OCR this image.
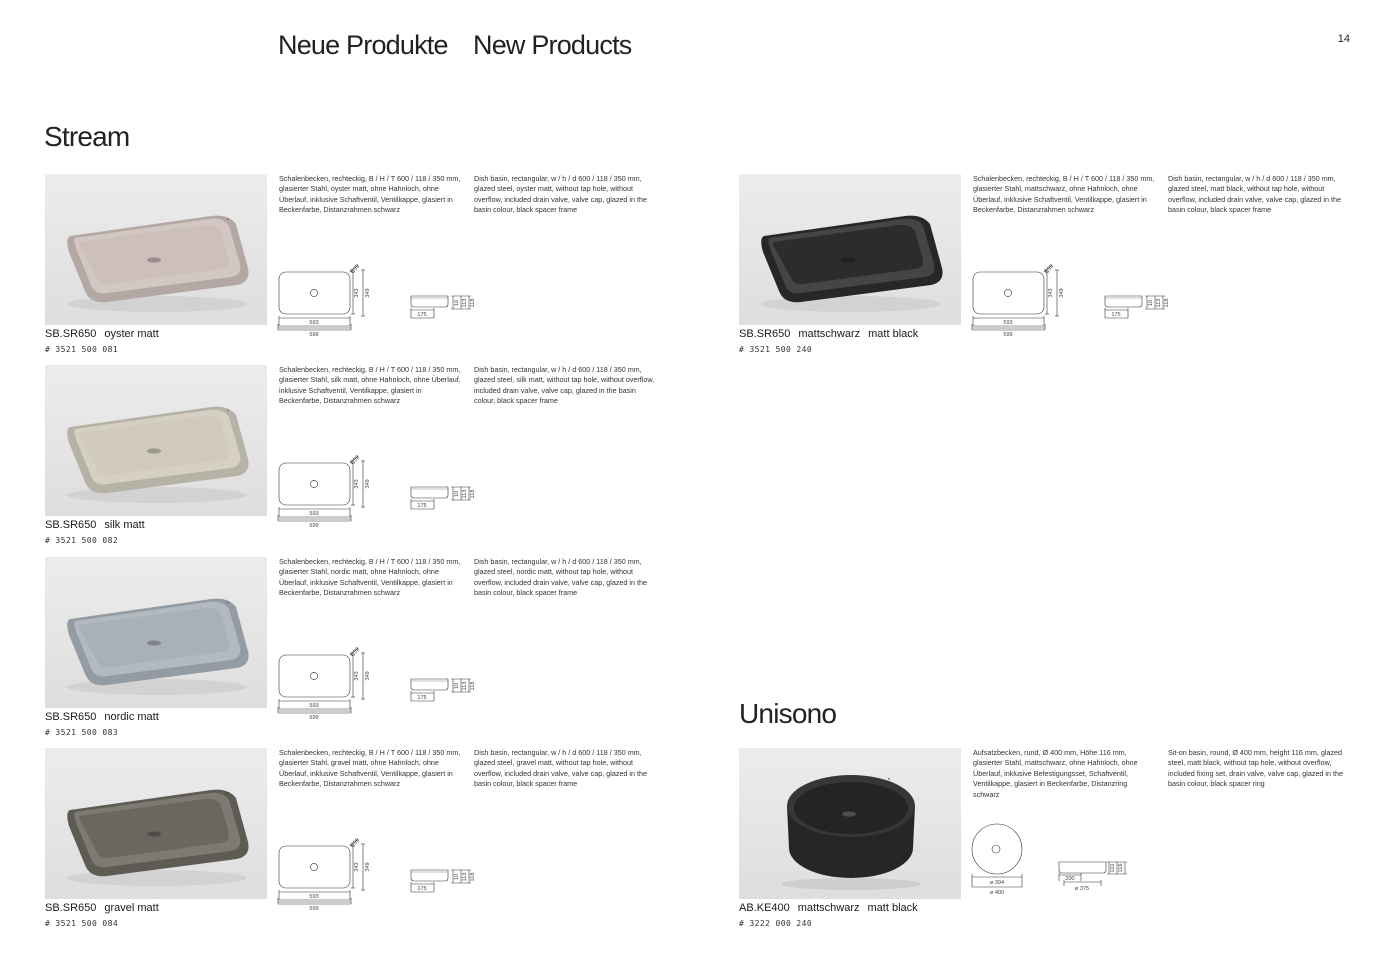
Neue Produkte New Products	14
Stream
Unisono
SB.SR650 oyster matt
# 3521 500 081
Schalenbecken, rechteckig, B / H / T 600 / 118 / 350 mm, glasierter Stahl, oyster matt, ohne Hahnloch, ohne Überlauf, inklusive Schaftventil, Ventilkappe, glasiert in Beckenfarbe, Distanzrahmen schwarz
Dish basin, rectangular, w / h / d 600 / 118 / 350 mm, glazed steel, oyster matt, without tap hole, without overflow, included drain valve, valve cap, glazed in the basin colour, black spacer frame
R59
343 349
593
599
175
10 113 118
SB.SR650 silk matt
# 3521 500 082
Schalenbecken, rechteckig, B / H / T 600 / 118 / 350 mm, glasierter Stahl, silk matt, ohne Hahnloch, ohne Überlauf, inklusive Schaftventil, Ventilkappe, glasiert in Beckenfarbe, Distanzrahmen schwarz
Dish basin, rectangular, w / h / d 600 / 118 / 350 mm, glazed steel, silk matt, without tap hole, without overflow, included drain valve, valve cap, glazed in the basin colour, black spacer frame
R59
343 349
593
599
175
10 113 118
SB.SR650 nordic matt
# 3521 500 083
Schalenbecken, rechteckig, B / H / T 600 / 118 / 350 mm, glasierter Stahl, nordic matt, ohne Hahnloch, ohne Überlauf, inklusive Schaftventil, Ventilkappe, glasiert in Beckenfarbe, Distanzrahmen schwarz
Dish basin, rectangular, w / h / d 600 / 118 / 350 mm, glazed steel, nordic matt, without tap hole, without overflow, included drain valve, valve cap, glazed in the basin colour, black spacer frame
R59
343 349
593
599
175
10 113 118
SB.SR650 gravel matt
# 3521 500 084
Schalenbecken, rechteckig, B / H / T 600 / 118 / 350 mm, glasierter Stahl, gravel matt, ohne Hahnloch, ohne Überlauf, inklusive Schaftventil, Ventilkappe, glasiert in Beckenfarbe, Distanzrahmen schwarz
Dish basin, rectangular, w / h / d 600 / 118 / 350 mm, glazed steel, gravel matt, without tap hole, without overflow, included drain valve, valve cap, glazed in the basin colour, black spacer frame
R59
343 349
593
599
175
10 113 118
SB.SR650 mattschwarz matt black
# 3521 500 240
Schalenbecken, rechteckig, B / H / T 600 / 118 / 350 mm, glasierter Stahl, mattschwarz, ohne Hahnloch, ohne Überlauf, inklusive Schaftventil, Ventilkappe, glasiert in Beckenfarbe, Distanzrahmen schwarz
Dish basin, rectangular, w / h / d 600 / 118 / 350 mm, glazed steel, matt black, without tap hole, without overflow, included drain valve, valve cap, glazed in the basin colour, black spacer frame
R59
343 349
593
599
175
10 113 118
AB.KE400 mattschwarz matt black
# 3222 000 240
Aufsatzbecken, rund, Ø 400 mm, Höhe 116 mm, glasierter Stahl, mattschwarz, ohne Hahnloch, ohne Überlauf, inklusive Befestigungsset, Schaftventil, Ventilkappe, glasiert in Beckenfarbe, Distanzring schwarz
Sit-on basin, round, Ø 400 mm, height 116 mm, glazed steel, matt black, without tap hole, without overflow, included fixing set, drain valve, valve cap, glazed in the basin colour, black spacer ring
ø 394
ø 400
200
ø 375
101 116
